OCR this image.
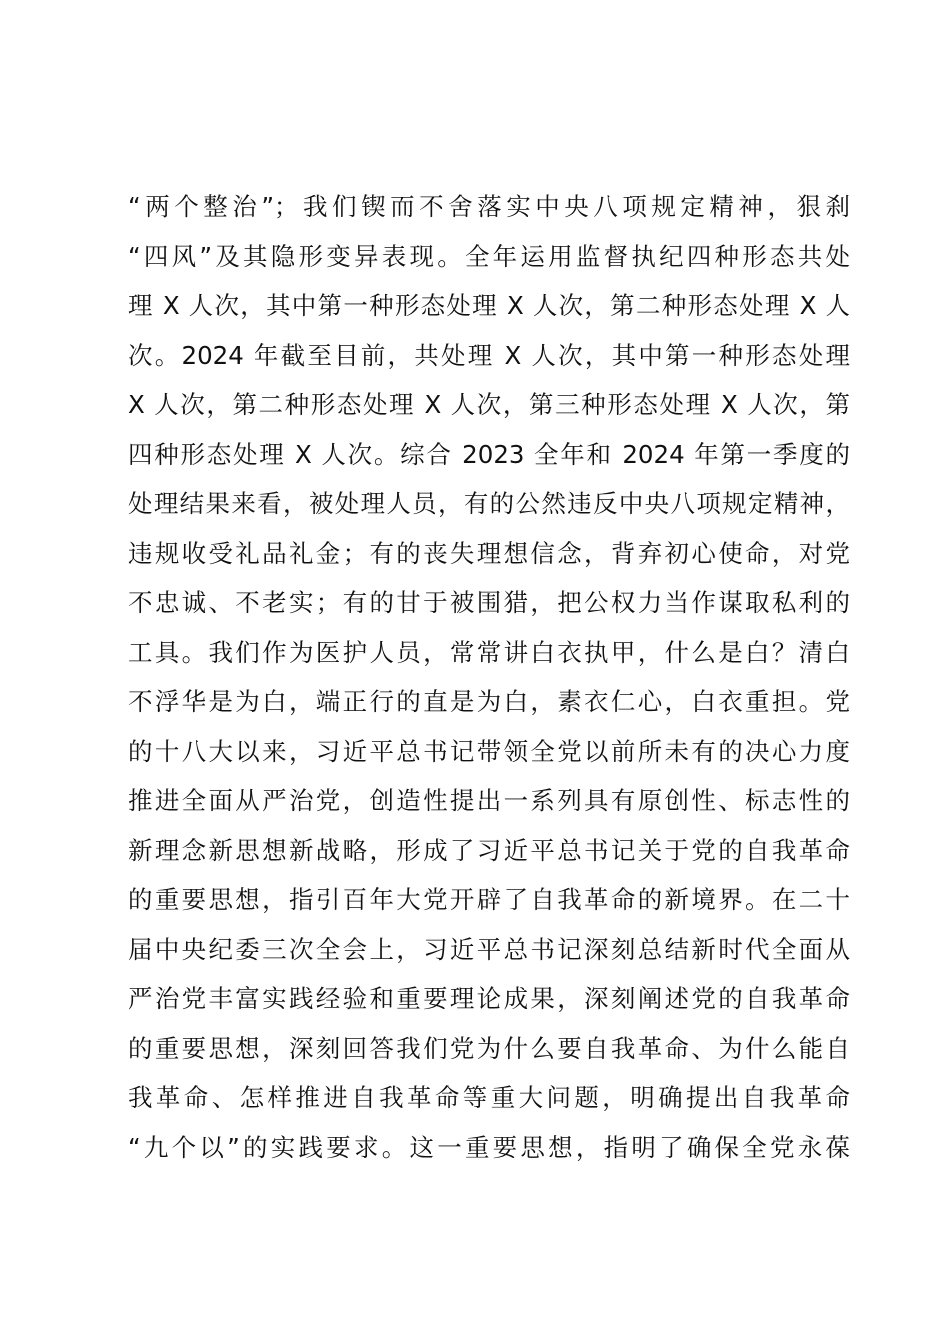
“两个整治”；我们锲而不舍落实中央八项规定精神，狠刹
“四风”及其隐形变异表现。全年运用监督执纪四种形态共处
理 X 人次，其中第一种形态处理 X 人次，第二种形态处理 X 人
次。2024 年截至目前，共处理 X 人次，其中第一种形态处理
X 人次，第二种形态处理 X 人次，第三种形态处理 X 人次，第
四种形态处理 X 人次。综合 2023 全年和 2024 年第一季度的
处理结果来看，被处理人员，有的公然违反中央八项规定精神，
违规收受礼品礼金；有的丧失理想信念，背弃初心使命，对党
不忠诚、不老实；有的甘于被围猎，把公权力当作谋取私利的
工具。我们作为医护人员，常常讲白衣执甲，什么是白？清白
不浮华是为白，端正行的直是为白，素衣仁心，白衣重担。党
的十八大以来，习近平总书记带领全党以前所未有的决心力度
推进全面从严治党，创造性提出一系列具有原创性、标志性的
新理念新思想新战略，形成了习近平总书记关于党的自我革命
的重要思想，指引百年大党开辟了自我革命的新境界。在二十
届中央纪委三次全会上，习近平总书记深刻总结新时代全面从
严治党丰富实践经验和重要理论成果，深刻阐述党的自我革命
的重要思想，深刻回答我们党为什么要自我革命、为什么能自
我革命、怎样推进自我革命等重大问题，明确提出自我革命
“九个以”的实践要求。这一重要思想，指明了确保全党永葆
